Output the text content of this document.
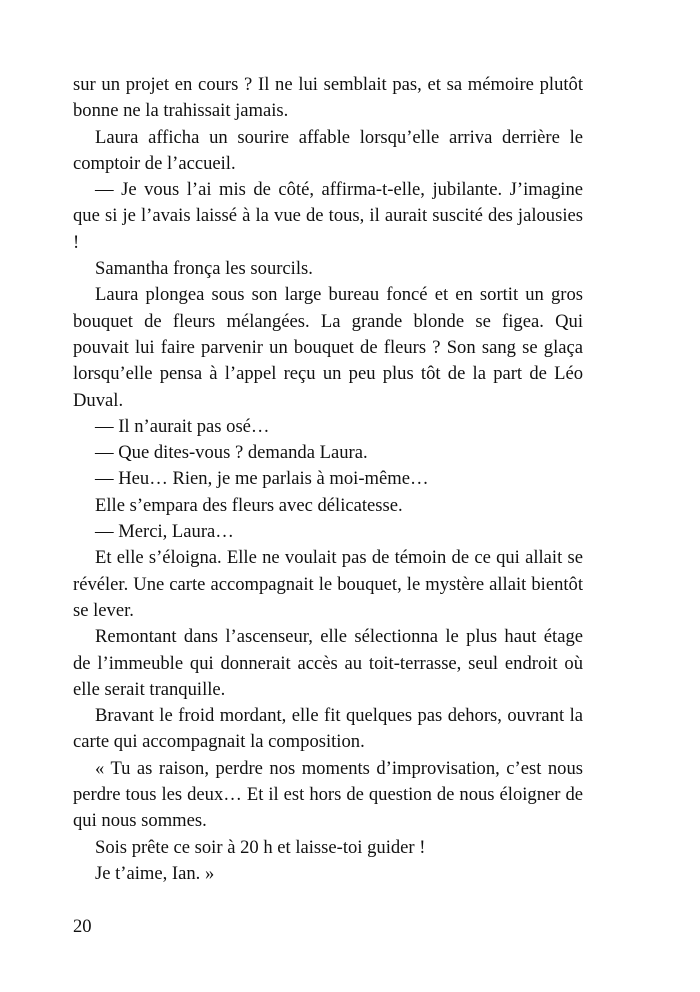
sur un projet en cours ? Il ne lui semblait pas, et sa mémoire plutôt bonne ne la trahissait jamais.

Laura afficha un sourire affable lorsqu’elle arriva derrière le comptoir de l’accueil.

— Je vous l’ai mis de côté, affirma-t-elle, jubilante. J’imagine que si je l’avais laissé à la vue de tous, il aurait suscité des jalousies !

Samantha fronça les sourcils.

Laura plongea sous son large bureau foncé et en sortit un gros bouquet de fleurs mélangées. La grande blonde se figea. Qui pouvait lui faire parvenir un bouquet de fleurs ? Son sang se glaça lorsqu’elle pensa à l’appel reçu un peu plus tôt de la part de Léo Duval.

— Il n’aurait pas osé…

— Que dites-vous ? demanda Laura.

— Heu… Rien, je me parlais à moi-même…

Elle s’empara des fleurs avec délicatesse.

— Merci, Laura…

Et elle s’éloigna. Elle ne voulait pas de témoin de ce qui allait se révéler. Une carte accompagnait le bouquet, le mystère allait bientôt se lever.

Remontant dans l’ascenseur, elle sélectionna le plus haut étage de l’immeuble qui donnerait accès au toit-terrasse, seul endroit où elle serait tranquille.

Bravant le froid mordant, elle fit quelques pas dehors, ouvrant la carte qui accompagnait la composition.

« Tu as raison, perdre nos moments d’improvisation, c’est nous perdre tous les deux… Et il est hors de question de nous éloigner de qui nous sommes.

Sois prête ce soir à 20 h et laisse-toi guider !

Je t’aime, Ian. »

20
